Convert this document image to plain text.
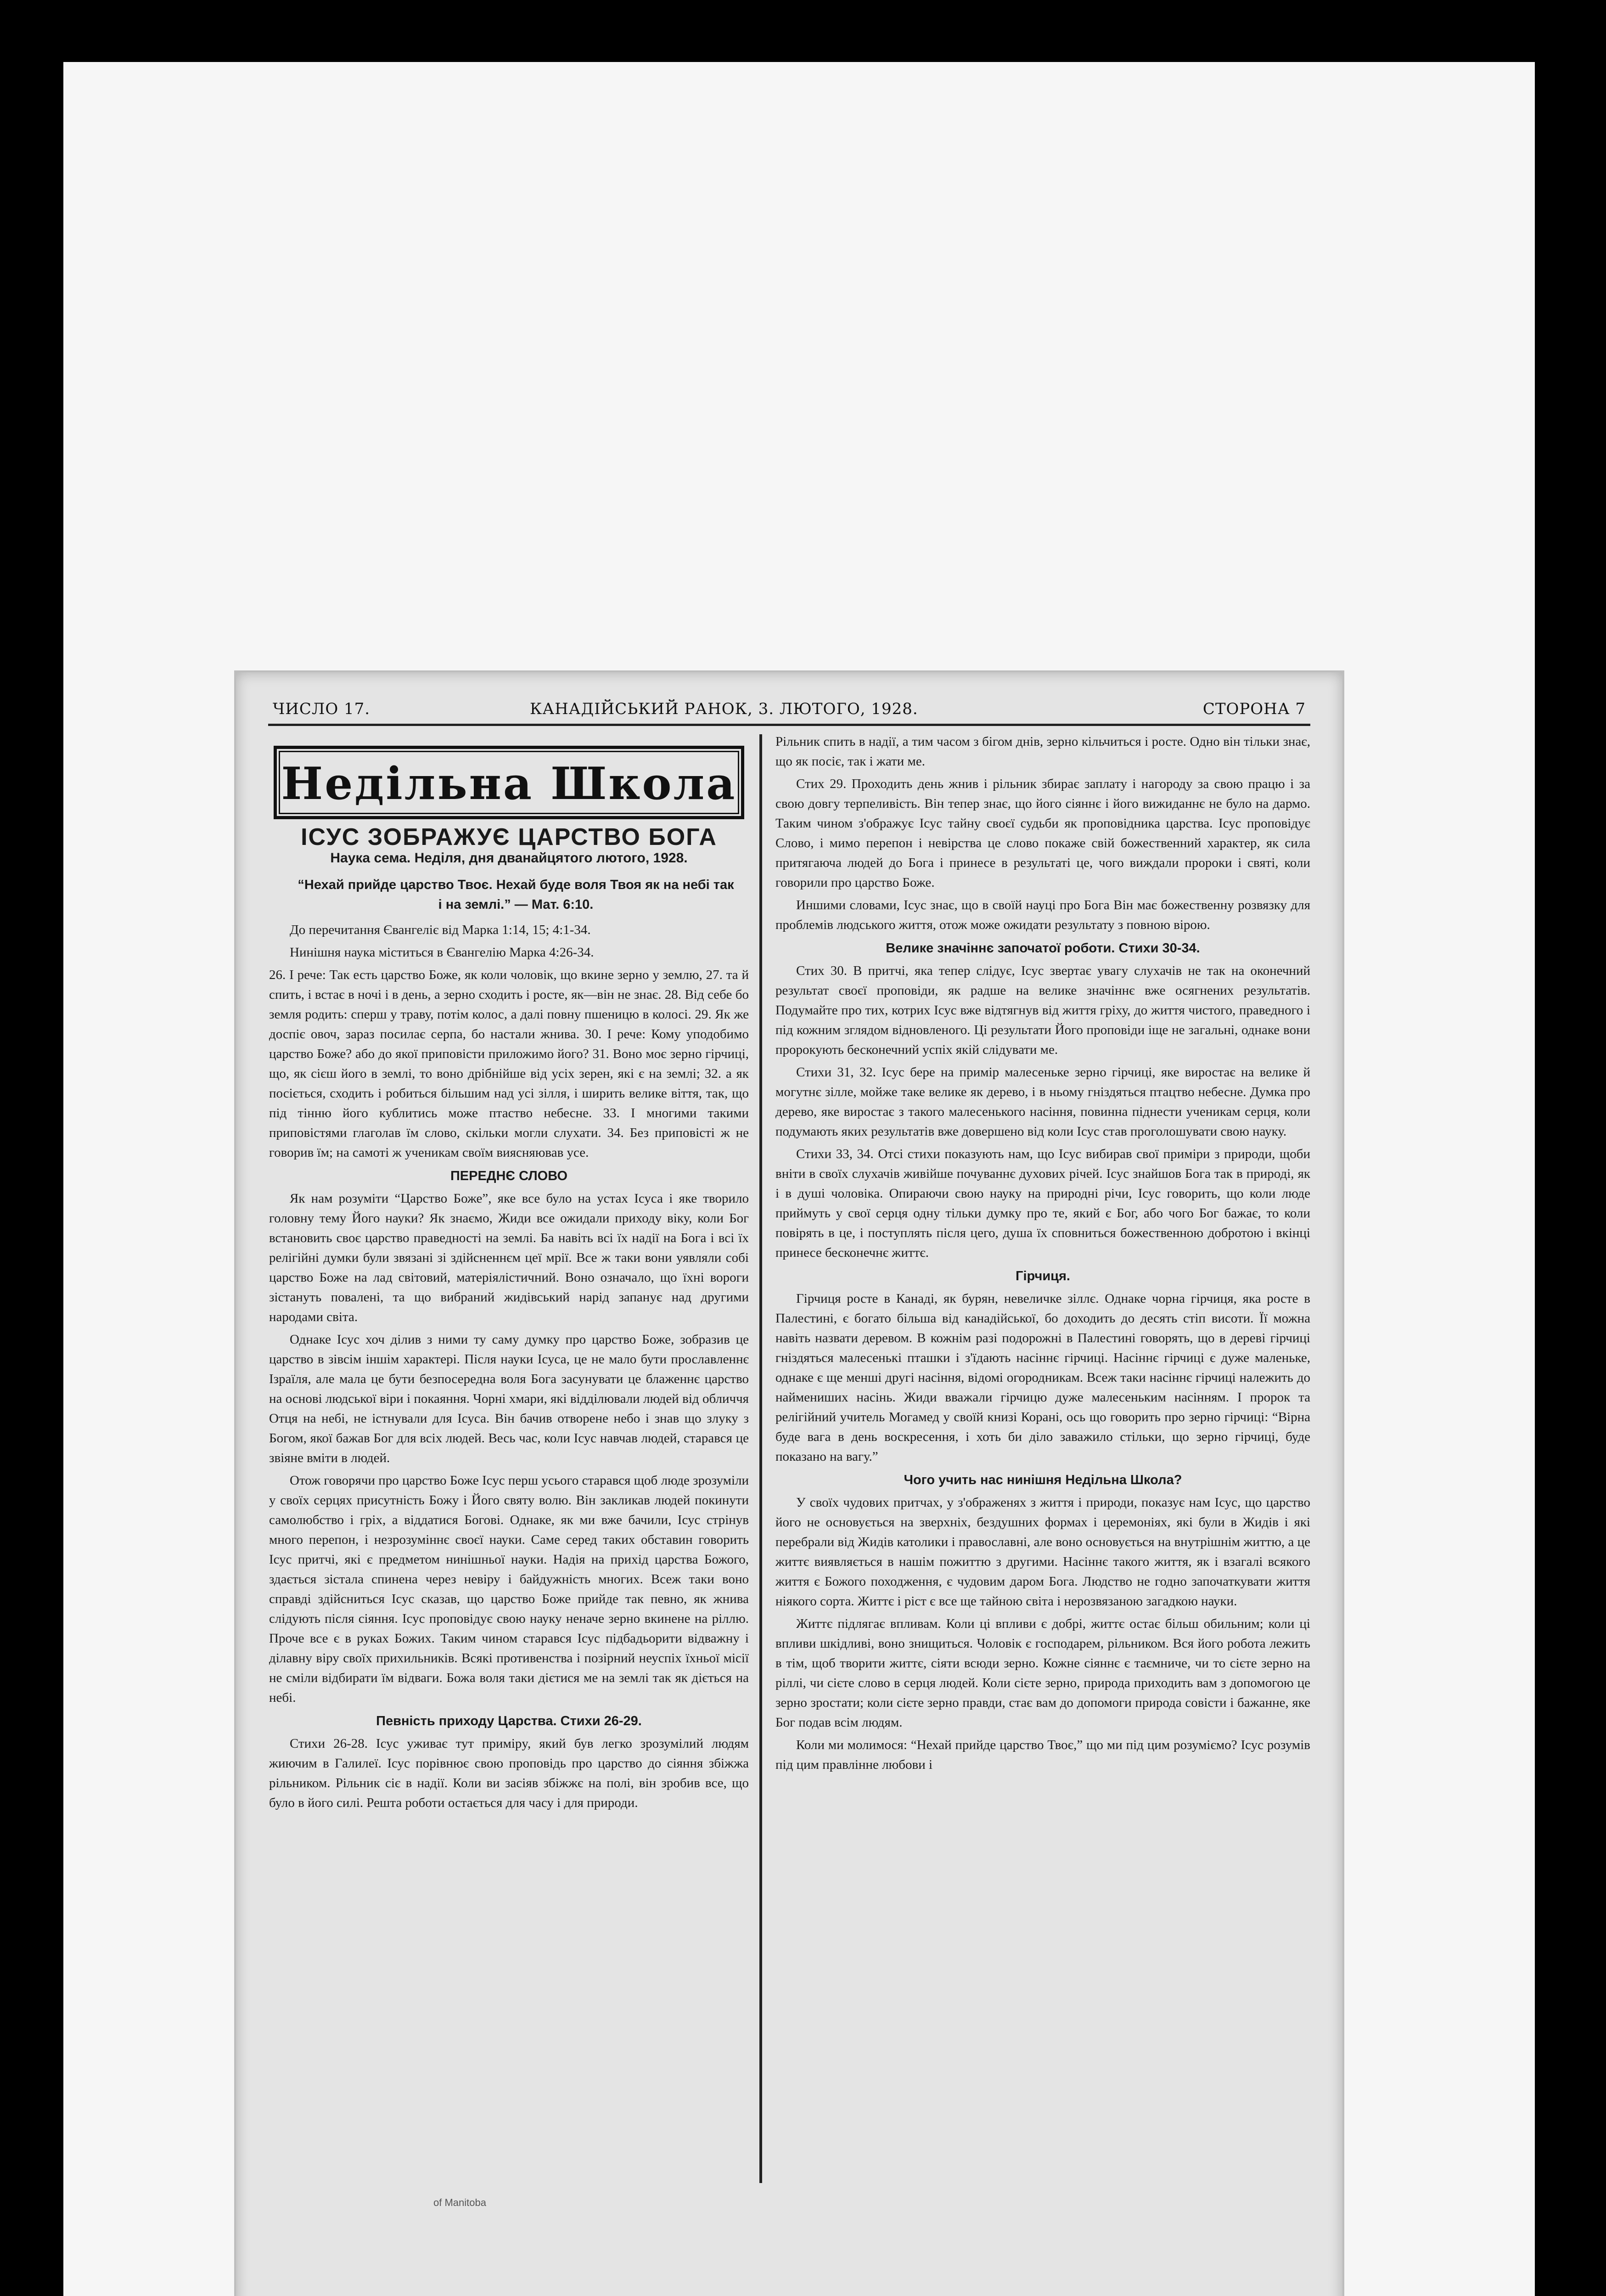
ЧИСЛО 17.	КАНАДІЙСЬКИЙ РАНОК, 3. ЛЮТОГО, 1928.	СТОРОНА 7
Недільна Школа
ІСУС ЗОБРАЖУЄ ЦАРСТВО БОГА
Наука сема. Неділя, дня дванайцятого лютого, 1928.
“Нехай прийде царство Твоє. Нехай буде воля Твоя як на небі так і на землі.” — Мат. 6:10.

До перечитання Євангеліє від Марка 1:14, 15; 4:1-34.

Нинішня наука міститься в Євангелію Марка 4:26-34.

26. І рече: Так есть царство Боже, як коли чоловік, що вкине зерно у землю, 27. та й спить, і встає в ночі і в день, а зерно сходить і росте, як—він не знає. 28. Від себе бо земля родить: сперш у траву, потім колос, а далі повну пшеницю в колосі. 29. Як же доспіє овоч, зараз посилає серпа, бо настали жнива. 30. І рече: Кому уподобимо царство Боже? або до якої приповісти приложимо його? 31. Воно моє зерно гірчиці, що, як сієш його в землі, то воно дрібнійше від усіх зерен, які є на землі; 32. а як посіється, сходить і робиться більшим над усі зілля, і ширить велике віття, так, що під тінню його кублитись може птаство небесне. 33. І многими такими приповістями глаголав їм слово, скільки могли слухати. 34. Без приповісті ж не говорив їм; на самоті ж ученикам своїм виясняював усе.

ПЕРЕДНЄ СЛОВО

Як нам розуміти “Царство Боже”, яке все було на устах Ісуса і яке творило головну тему Його науки? Як знаємо, Жиди все ожидали приходу віку, коли Бог встановить своє царство праведності на землі. Ба навіть всі їх надії на Бога і всі їх релігійні думки були звязані зі здійсненнєм цеї мрії. Все ж таки вони уявляли собі царство Боже на лад світовий, матеріялістичний. Воно означало, що їхні вороги зістануть повалені, та що вибраний жидівський нарід запанує над другими народами світа.

Однаке Ісус хоч ділив з ними ту саму думку про царство Боже, зобразив це царство в зівсім іншім характері. Після науки Ісуса, це не мало бути прославленнє Ізраїля, але мала це бути безпосередна воля Бога засунувати це блаженнє царство на основі людської віри і покаяння. Чорні хмари, які відділювали людей від обличчя Отця на небі, не істнували для Ісуса. Він бачив отворене небо і знав що злуку з Богом, якої бажав Бог для всіх людей. Весь час, коли Ісус навчав людей, старався це звіяне вміти в людей.

Отож говорячи про царство Боже Ісус перш усього старався щоб люде зрозуміли у своїх серцях присутність Божу і Його святу волю. Він закликав людей покинути самолюбство і гріх, а віддатися Богові. Однаке, як ми вже бачили, Ісус стрінув много перепон, і незрозуміннє своєї науки. Саме серед таких обставин говорить Ісус притчі, які є предметом нинішньої науки. Надія на прихід царства Божого, здається зістала спинена через невіру і байдужність многих. Всеж таки воно справді здійсниться Ісус сказав, що царство Боже прийде так певно, як жнива слідують після сіяння. Ісус проповідує свою науку неначе зерно вкинене на ріллю. Проче все є в руках Божих. Таким чином старався Ісус підбадьорити відважну і ділавну віру своїх прихильників. Всякі противенства і позірний неуспіх їхньої місії не сміли відбирати їм відваги. Божа воля таки дієтися ме на землі так як діється на небі.

Певність приходу Царства. Стихи 26-29.

Стихи 26-28. Ісус уживає тут примірy, який був легко зрозумілий людям жиючим в Галилеї. Ісус порівнює свою проповідь про царство до сіяння збіжжа рільником. Рільник сіє в надії. Коли ви засіяв збіжжє на полі, він зробив все, що було в його силі. Решта роботи остається для часу і для природи.

Рільник спить в надії, а тим часом з бігом днів, зерно кільчиться і росте. Одно він тільки знає, що як посіє, так і жати ме.

Стих 29. Проходить день жнив і рільник збирає заплату і нагороду за свою працю і за свою довгу терпеливість. Він тепер знає, що його сіяннє і його вижиданнє не було на дармо. Таким чином з'ображує Ісус тайну своєї судьби як проповідника царства. Ісус проповідує Слово, і мимо перепон і невірства це слово покаже свій божественний характер, як сила притягаюча людей до Бога і принесе в результаті це, чого виждали пророки і святі, коли говорили про царство Боже.

Иншими словами, Ісус знає, що в своїй науці про Бога Він має божественну розвязку для проблемів людського життя, отож може ожидати результату з повною вірою.

Велике значіннє започатої роботи. Стихи 30-34.

Стих 30. В притчі, яка тепер слідує, Ісус звертає увагу слухачів не так на оконечний результат своєї проповіди, як радше на велике значіннє вже осягнених результатів. Подумайте про тих, котрих Ісус вже відтягнув від життя гріху, до життя чистого, праведного і під кожним зглядом відновленого. Ці результати Його проповіди іще не загальні, однаке вони пророкують бесконечний успіх якій слідувати ме.

Стихи 31, 32. Ісус бере на примір малесеньке зерно гірчиці, яке виростає на велике й могутнє зілле, мойже таке велике як дерево, і в ньому гніздяться птацтво небесне. Думка про дерево, яке виростає з такого малесенького насіння, повинна піднести ученикам серця, коли подумають яких результатів вже довершено від коли Ісус став проголошувати свою науку.

Стихи 33, 34. Отсі стихи показують нам, що Ісус вибирав свої приміри з природи, щоби вніти в своїх слухачів живійше почуваннє духових річей. Ісус знайшов Бога так в природі, як і в душі чоловіка. Опираючи свою науку на природні річи, Ісус говорить, що коли люде приймуть у свої серця одну тільки думку про те, який є Бог, або чого Бог бажає, то коли повірять в це, і поступлять після цего, душа їх сповниться божественною добротою і вкінці принесе бесконечнє життє.

Гірчиця.

Гірчиця росте в Канаді, як бурян, невеличке зіллє. Однаке чорна гірчиця, яка росте в Палестині, є богато більша від канадійської, бо доходить до десять стіп висоти. Її можна навіть назвати деревом. В кожнім разі подорожні в Палестині говорять, що в дереві гірчиці гніздяться малесенькі пташки і з'їдають насіннє гірчиці. Насіннє гірчиці є дуже маленьке, однаке є ще менші другі насіння, відомі огородникам. Всеж таки насіннє гірчиці належить до наймениших насінь. Жиди вважали гірчицю дуже малесеньким насінням. І пророк та релігійний учитель Могамед у своїй книзі Корані, ось що говорить про зерно гірчиці: “Віpна буде вага в день воскресення, і хоть би діло заважило стільки, що зерно гірчиці, буде показано на вагу.”

Чого учить нас нинішня Недільна Школа?

У своїх чудових притчах, у з'ображенях з життя і природи, показує нам Ісус, що царство його не основується на зверхніх, бездушних формах і церемоніях, які були в Жидів і які перебрали від Жидів католики і православні, але воно основується на внутрішнім життю, а це життє виявляється в нашім пожиттю з другими. Насіннє такого життя, як і взагалі всякого життя є Божого походження, є чудовим даром Бога. Людство не годно започаткувати життя ніякого сорта. Життє і ріст є все ще тайною світа і нерозвязаною загадкою науки.

Життє підлягає впливам. Коли ці впливи є добрі, життє остає більш обильним; коли ці впливи шкідливі, воно знищиться. Чоловік є господарем, рільником. Вся його робота лежить в тім, щоб творити життє, сіяти всюди зерно. Кожне сіяннє є таємниче, чи то сієте зерно на ріллі, чи сієте слово в серця людей. Коли сієте зерно, природа приходить вам з допомогою це зерно зростати; коли сієте зерно правди, стає вам до допомоги природа совісти і бажанне, яке Бог подав всім людям.

Коли ми молимося: “Нехай прийде царство Твоє,” що ми під цим розуміємо? Ісус розумів під цим правлінне любови і

of Manitoba
